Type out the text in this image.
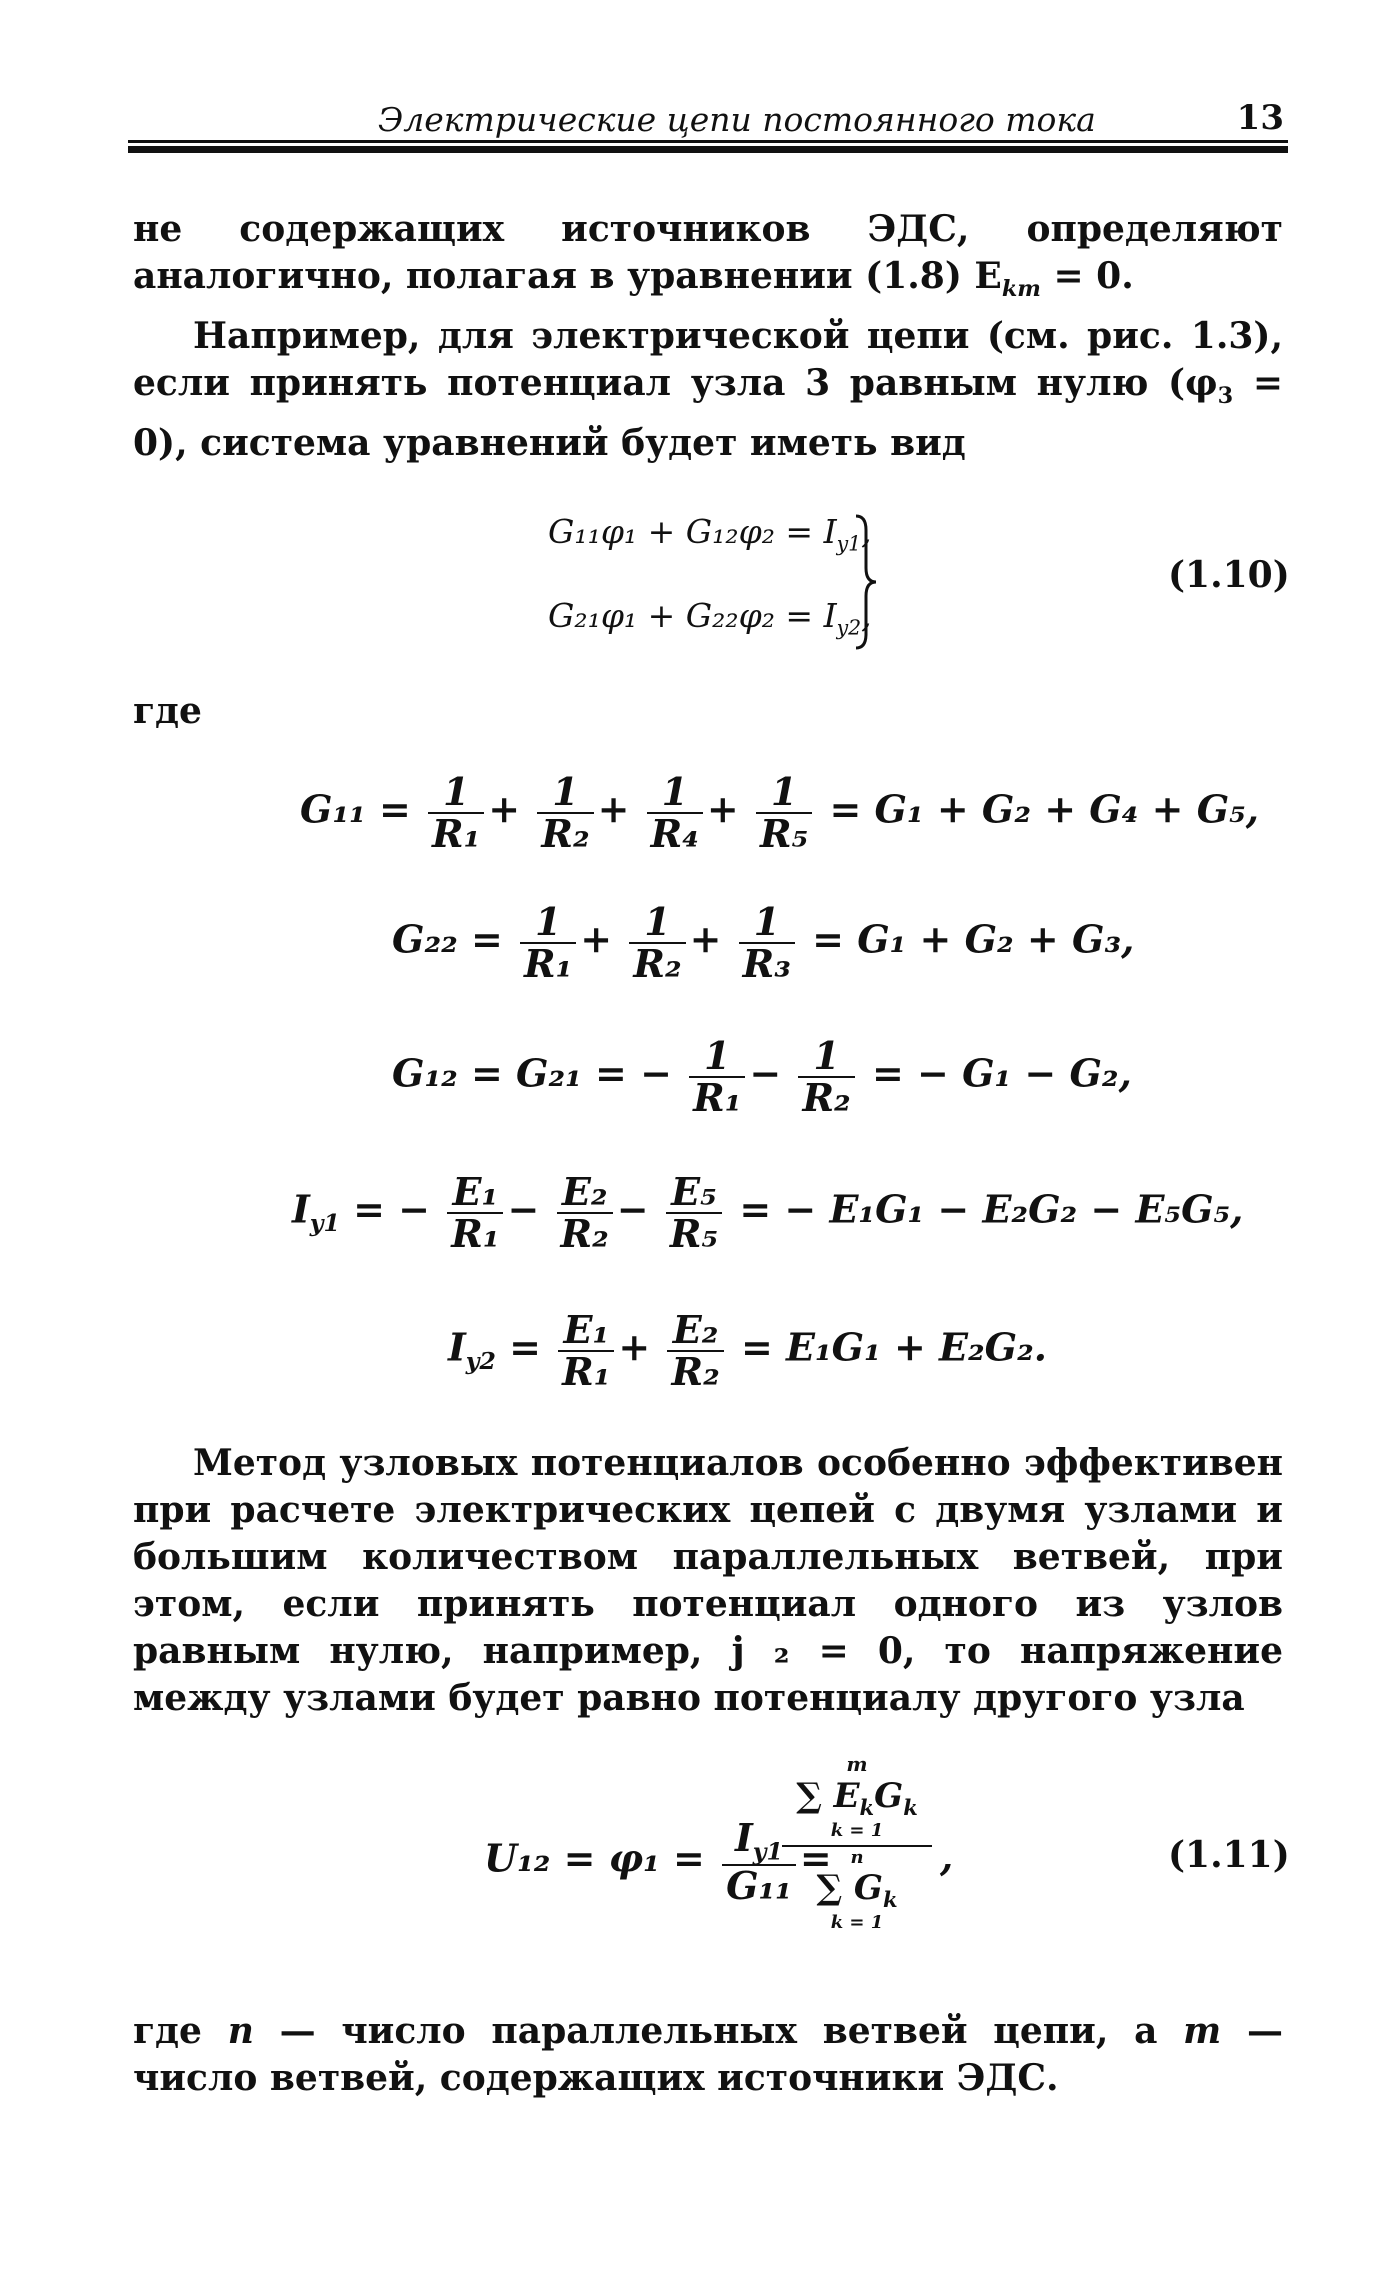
Электрические цепи постоянного тока	13

не содержащих источников ЭДС, определяют аналогично, полагая в уравнении (1.8) $E_{km} = 0$.

Например, для электрической цепи (см. рис. 1.3), если принять потенциал узла 3 равным нулю $(\varphi_3 = 0)$, система уравнений будет иметь вид

$G_{11}\varphi_1 + G_{12}\varphi_2 = I_{y1}$,
$G_{21}\varphi_1 + G_{22}\varphi_2 = I_{y2}$,
(1.10)
где
$G_{11} = \frac{1}{\text{R₁}} + \frac{1}{\text{R₂}} + \frac{1}{\text{R₄}} + \frac{1}{\text{R₅}} = G_1 + G_2 + G_4 + G_5$,
$G_{22} = \frac{1}{\text{R₁}} + \frac{1}{\text{R₂}} + \frac{1}{\text{R₃}} = G_1 + G_2 + G_3$,
G₁₂ = G₂₁ = − $\frac{1}{\text{R₁}} - \frac{1}{\text{R₂}}$ = − G₁ − G₂,
$I_{y1}$ = − $\frac{\text{E₁}}{\text{R₁}} - \frac{\text{E₂}}{\text{R₂}} - \frac{\text{E₅}}{\text{R₅}}$ = − E₁G₁ − E₂G₂ − E₅G₅,
$I_{y2} = \frac{\text{E₁}}{\text{R₁}} + \frac{\text{E₂}}{\text{R₂}} = E_1G_1 + E_2G_2$.

Метод узловых потенциалов особенно эффективен при расчете электрических цепей с двумя узлами и большим количеством параллельных ветвей, при этом, если принять потенциал одного из узлов равным нулю, например, j ₂ = 0, то напряжение между узлами будет равно потенциалу другого узла

$U_{12} = \varphi_1 = \frac{I_{y1}}{\text{G₁₁}}$ =
m
∑ $E_kG_k$
k = 1
n
∑ $G_k$
k = 1
,	(1.11)

где n — число параллельных ветвей цепи, а m — число ветвей, содержащих источники ЭДС.
